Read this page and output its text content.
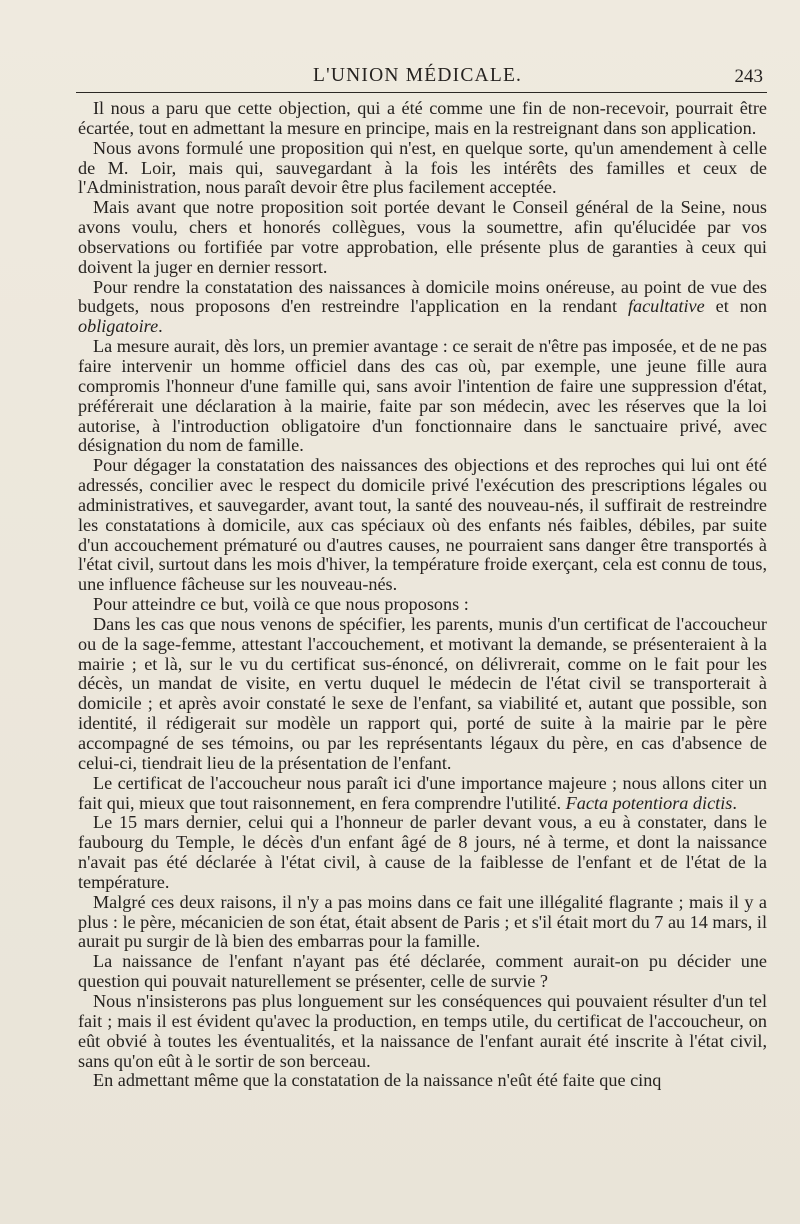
L'UNION MÉDICALE.	243

Il nous a paru que cette objection, qui a été comme une fin de non-recevoir, pourrait être écartée, tout en admettant la mesure en principe, mais en la restreignant dans son application.

Nous avons formulé une proposition qui n'est, en quelque sorte, qu'un amendement à celle de M. Loir, mais qui, sauvegardant à la fois les intérêts des familles et ceux de l'Administration, nous paraît devoir être plus facilement acceptée.

Mais avant que notre proposition soit portée devant le Conseil général de la Seine, nous avons voulu, chers et honorés collègues, vous la soumettre, afin qu'élucidée par vos observations ou fortifiée par votre approbation, elle présente plus de garanties à ceux qui doivent la juger en dernier ressort.

Pour rendre la constatation des naissances à domicile moins onéreuse, au point de vue des budgets, nous proposons d'en restreindre l'application en la rendant facultative et non obligatoire.

La mesure aurait, dès lors, un premier avantage : ce serait de n'être pas imposée, et de ne pas faire intervenir un homme officiel dans des cas où, par exemple, une jeune fille aura compromis l'honneur d'une famille qui, sans avoir l'intention de faire une suppression d'état, préférerait une déclaration à la mairie, faite par son médecin, avec les réserves que la loi autorise, à l'introduction obligatoire d'un fonctionnaire dans le sanctuaire privé, avec désignation du nom de famille.

Pour dégager la constatation des naissances des objections et des reproches qui lui ont été adressés, concilier avec le respect du domicile privé l'exécution des prescriptions légales ou administratives, et sauvegarder, avant tout, la santé des nouveau-nés, il suffirait de restreindre les constatations à domicile, aux cas spéciaux où des enfants nés faibles, débiles, par suite d'un accouchement prématuré ou d'autres causes, ne pourraient sans danger être transportés à l'état civil, surtout dans les mois d'hiver, la température froide exerçant, cela est connu de tous, une influence fâcheuse sur les nouveau-nés.

Pour atteindre ce but, voilà ce que nous proposons :

Dans les cas que nous venons de spécifier, les parents, munis d'un certificat de l'accoucheur ou de la sage-femme, attestant l'accouchement, et motivant la demande, se présenteraient à la mairie ; et là, sur le vu du certificat sus-énoncé, on délivrerait, comme on le fait pour les décès, un mandat de visite, en vertu duquel le médecin de l'état civil se transporterait à domicile ; et après avoir constaté le sexe de l'enfant, sa viabilité et, autant que possible, son identité, il rédigerait sur modèle un rapport qui, porté de suite à la mairie par le père accompagné de ses témoins, ou par les représentants légaux du père, en cas d'absence de celui-ci, tiendrait lieu de la présentation de l'enfant.

Le certificat de l'accoucheur nous paraît ici d'une importance majeure ; nous allons citer un fait qui, mieux que tout raisonnement, en fera comprendre l'utilité. Facta potentiora dictis.

Le 15 mars dernier, celui qui a l'honneur de parler devant vous, a eu à constater, dans le faubourg du Temple, le décès d'un enfant âgé de 8 jours, né à terme, et dont la naissance n'avait pas été déclarée à l'état civil, à cause de la faiblesse de l'enfant et de l'état de la température.

Malgré ces deux raisons, il n'y a pas moins dans ce fait une illégalité flagrante ; mais il y a plus : le père, mécanicien de son état, était absent de Paris ; et s'il était mort du 7 au 14 mars, il aurait pu surgir de là bien des embarras pour la famille.

La naissance de l'enfant n'ayant pas été déclarée, comment aurait-on pu décider une question qui pouvait naturellement se présenter, celle de survie ?

Nous n'insisterons pas plus longuement sur les conséquences qui pouvaient résulter d'un tel fait ; mais il est évident qu'avec la production, en temps utile, du certificat de l'accoucheur, on eût obvié à toutes les éventualités, et la naissance de l'enfant aurait été inscrite à l'état civil, sans qu'on eût à le sortir de son berceau.

En admettant même que la constatation de la naissance n'eût été faite que cinq
